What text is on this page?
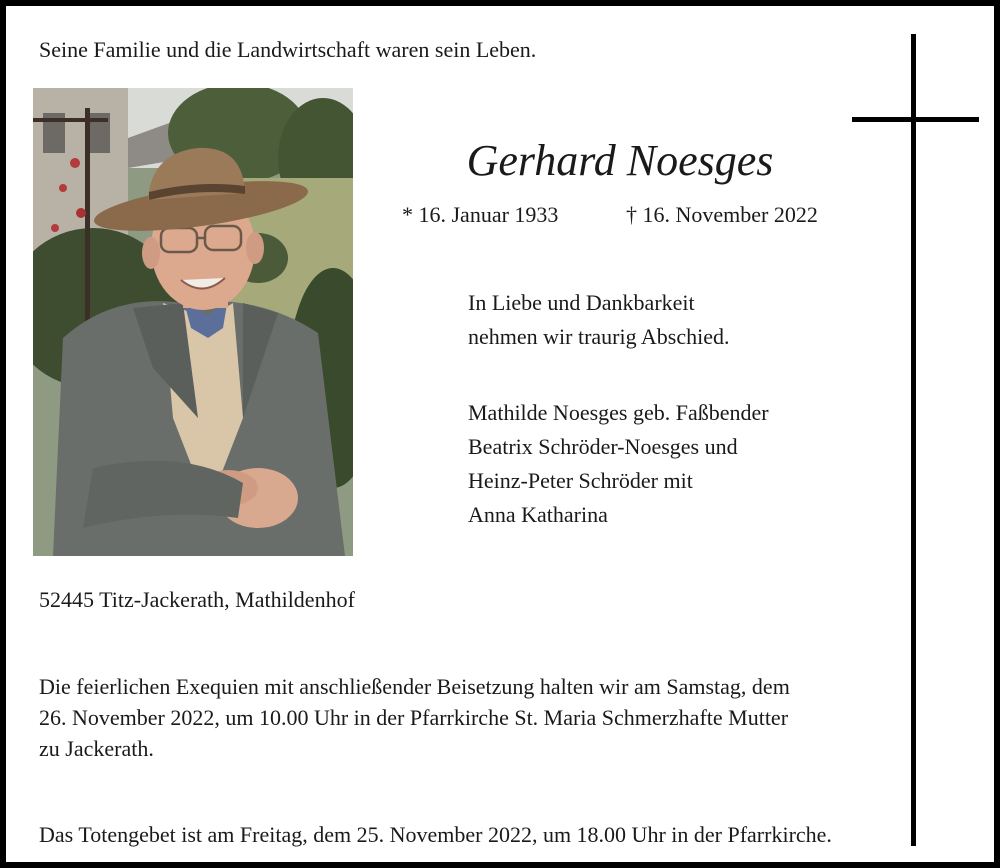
Seine Familie und die Landwirtschaft waren sein Leben.
Gerhard Noesges
* 16. Januar 1933	† 16. November 2022
In Liebe und Dankbarkeit
nehmen wir traurig Abschied.
Mathilde Noesges geb. Faßbender
Beatrix Schröder-Noesges und
Heinz-Peter Schröder mit
Anna Katharina
52445 Titz-Jackerath, Mathildenhof
Die feierlichen Exequien mit anschließender Beisetzung halten wir am Samstag, dem
26. November 2022, um 10.00 Uhr in der Pfarrkirche St. Maria Schmerzhafte Mutter
zu Jackerath.
Das Totengebet ist am Freitag, dem 25. November 2022, um 18.00 Uhr in der Pfarrkirche.
